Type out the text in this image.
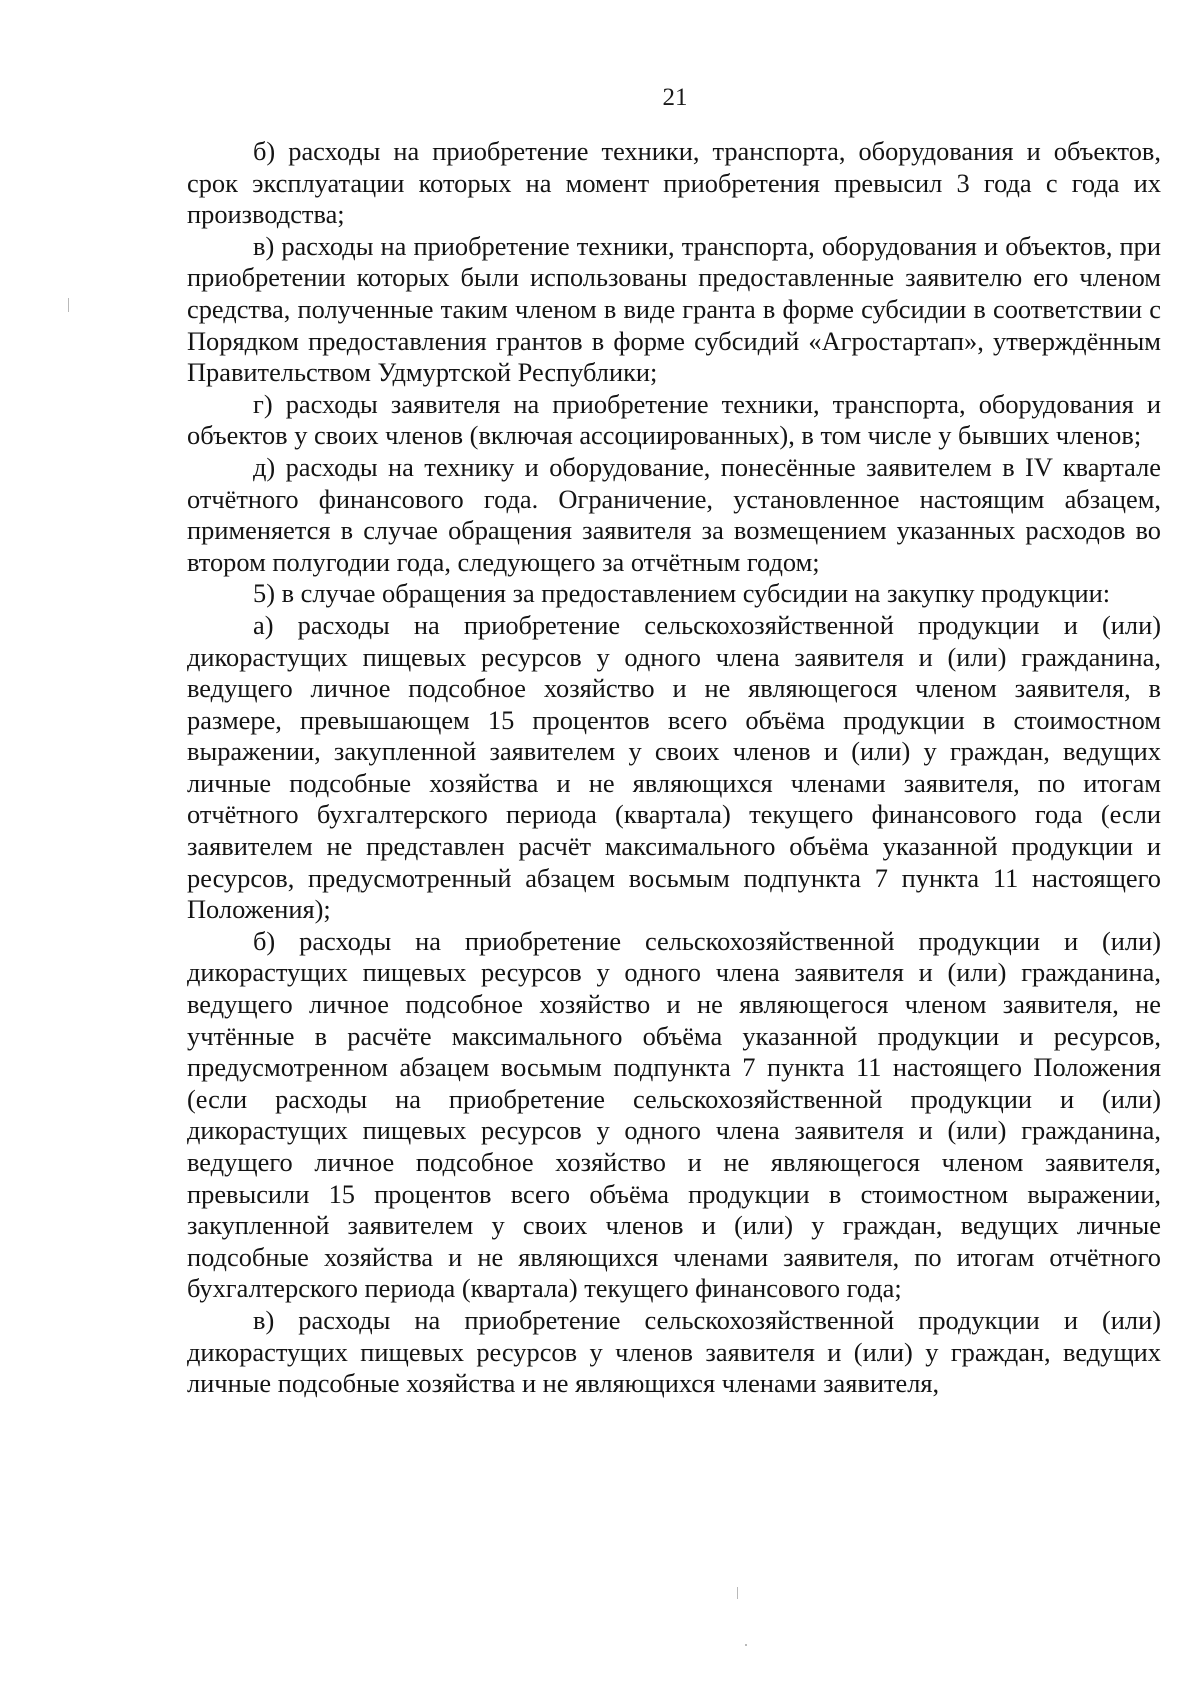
21

б) расходы на приобретение техники, транспорта, оборудования и объектов, срок эксплуатации которых на момент приобретения превысил 3 года с года их производства;

в) расходы на приобретение техники, транспорта, оборудования и объектов, при приобретении которых были использованы предоставленные заявителю его членом средства, полученные таким членом в виде гранта в форме субсидии в соответствии с Порядком предоставления грантов в форме субсидий «Агростартап», утверждённым Правительством Удмуртской Республики;

г) расходы заявителя на приобретение техники, транспорта, оборудования и объектов у своих членов (включая ассоциированных), в том числе у бывших членов;

д) расходы на технику и оборудование, понесённые заявителем в IV квартале отчётного финансового года. Ограничение, установленное настоящим абзацем, применяется в случае обращения заявителя за возмещением указанных расходов во втором полугодии года, следующего за отчётным годом;

5) в случае обращения за предоставлением субсидии на закупку продукции:

а) расходы на приобретение сельскохозяйственной продукции и (или) дикорастущих пищевых ресурсов у одного члена заявителя и (или) гражданина, ведущего личное подсобное хозяйство и не являющегося членом заявителя, в размере, превышающем 15 процентов всего объёма продукции в стоимостном выражении, закупленной заявителем у своих членов и (или) у граждан, ведущих личные подсобные хозяйства и не являющихся членами заявителя, по итогам отчётного бухгалтерского периода (квартала) текущего финансового года (если заявителем не представлен расчёт максимального объёма указанной продукции и ресурсов, предусмотренный абзацем восьмым подпункта 7 пункта 11 настоящего Положения);

б) расходы на приобретение сельскохозяйственной продукции и (или) дикорастущих пищевых ресурсов у одного члена заявителя и (или) гражданина, ведущего личное подсобное хозяйство и не являющегося членом заявителя, не учтённые в расчёте максимального объёма указанной продукции и ресурсов, предусмотренном абзацем восьмым подпункта 7 пункта 11 настоящего Положения (если расходы на приобретение сельскохозяйственной продукции и (или) дикорастущих пищевых ресурсов у одного члена заявителя и (или) гражданина, ведущего личное подсобное хозяйство и не являющегося членом заявителя, превысили 15 процентов всего объёма продукции в стоимостном выражении, закупленной заявителем у своих членов и (или) у граждан, ведущих личные подсобные хозяйства и не являющихся членами заявителя, по итогам отчётного бухгалтерского периода (квартала) текущего финансового года;

в) расходы на приобретение сельскохозяйственной продукции и (или) дикорастущих пищевых ресурсов у членов заявителя и (или) у граждан, ведущих личные подсобные хозяйства и не являющихся членами заявителя,
